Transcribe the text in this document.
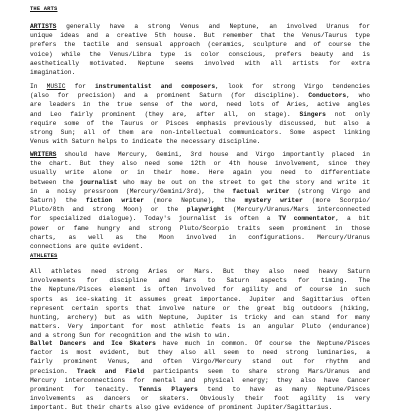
THE ARTS
ARTISTS generally have a strong Venus and Neptune, an involved Uranus for
unique ideas and a creative 5th house. But remember that the Venus/Taurus type
prefers the tactile and sensual approach (ceramics, sculpture and of course the
voice) while the Venus/Libra type is color conscious, prefers beauty and is
aesthetically motivated. Neptune seems involved with all artists for extra
imagination.
In MUSIC for instrumentalist and composers, look for strong Virgo tendencies
(also for precision) and a prominent Saturn (for discipline). Conductors, who
are leaders in the true sense of the word, need lots of Aries, active angles
and Leo fairly prominent (they are, after all, on stage). Singers not only
require some of the Taurus or Pisces emphasis previously discussed, but also a
strong Sun; all of them are non-intellectual communicators. Some aspect linking
Venus with Saturn helps to indicate the necessary discipline.
WRITERS should have Mercury, Gemini, 3rd house and Virgo importantly placed in
the chart. But they also need some 12th or 4th house involvement, since they
usually write alone or in their home. Here again you need to differentiate
between the journalist who may be out on the street to get the story and write it
in a noisy pressroom (Mercury/Gemini/3rd), the factual writer (strong Virgo and
Saturn) the fiction writer (more Neptune), the mystery writer (more Scorpio/
Pluto/8th and strong Moon) or the playwright (Mercury/Uranus/Mars interconnected
for specialized dialogue). Today's journalist is often a TV commentator, a bit
power or fame hungry and strong Pluto/Scorpio traits seem prominent in those
charts, as well as the Moon involved in configurations. Mercury/Uranus
connections are quite evident.
ATHLETES
All athletes need strong Aries or Mars. But they also need heavy Saturn
involvements for discipline and Mars to Saturn aspects for timing. The
the Neptune/Pisces element is often involved for agility and of course in such
sports as ice-skating it assumes great importance. Jupiter and Sagittarius often
represent certain sports that involve nature or the great big outdoors (hiking,
hunting, archery) but as with Neptune, Jupiter is tricky and can stand for many
matters. Very important for most athletic feats is an angular Pluto (endurance)
and a strong Sun for recognition and the wish to win.
Ballet Dancers and Ice Skaters have much in common. Of course the Neptune/Pisces
factor is most evident, but they also all seem to need strong luminaries, a
fairly prominent Venus, and often Virgo/Mercury stand out for rhythm and
precision. Track and Field participants seem to share strong Mars/Uranus and
Mercury interconnections for mental and physical energy; they also have Cancer
prominent for tenacity. Tennis Players tend to have as many Neptune/Pisces
involvements as dancers or skaters. Obviously their foot agility is very
important. But their charts also give evidence of prominent Jupiter/Sagittarius.
